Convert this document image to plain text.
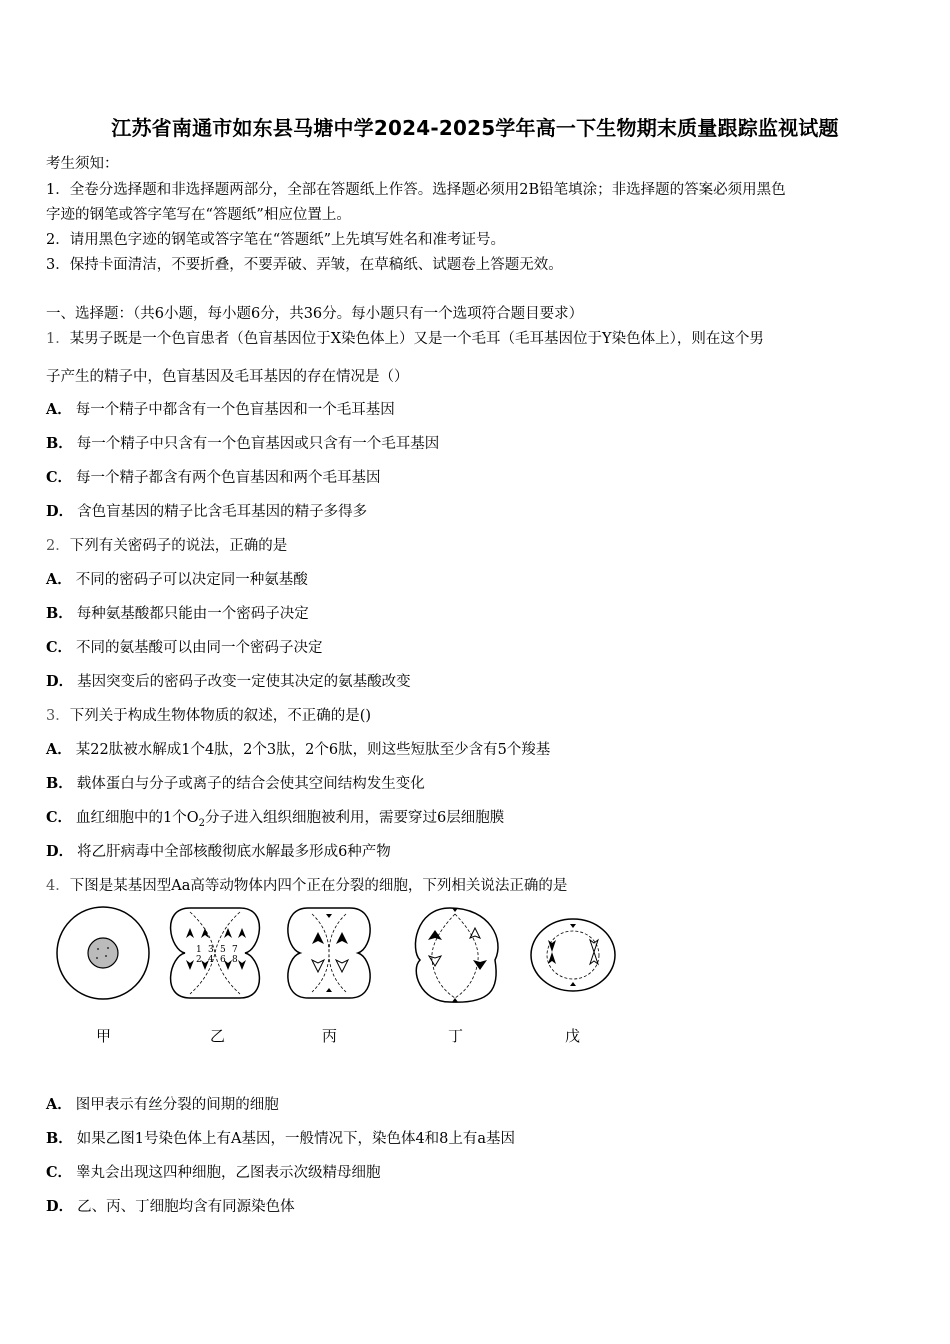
江苏省南通市如东县马塘中学2024-2025学年高一下生物期末质量跟踪监视试题
考生须知：
1．全卷分选择题和非选择题两部分，全部在答题纸上作答。选择题必须用2B铅笔填涂；非选择题的答案必须用黑色
字迹的钢笔或答字笔写在“答题纸”相应位置上。
2．请用黑色字迹的钢笔或答字笔在“答题纸”上先填写姓名和准考证号。
3．保持卡面清洁，不要折叠，不要弄破、弄皱，在草稿纸、试题卷上答题无效。
一、选择题：（共6小题，每小题6分，共36分。每小题只有一个选项符合题目要求）
1．某男子既是一个色盲患者（色盲基因位于X染色体上）又是一个毛耳（毛耳基因位于Y染色体上），则在这个男
子产生的精子中，色盲基因及毛耳基因的存在情况是（）
A． 每一个精子中都含有一个色盲基因和一个毛耳基因
B． 每一个精子中只含有一个色盲基因或只含有一个毛耳基因
C． 每一个精子都含有两个色盲基因和两个毛耳基因
D． 含色盲基因的精子比含毛耳基因的精子多得多
2．下列有关密码子的说法，正确的是
A． 不同的密码子可以决定同一种氨基酸
B． 每种氨基酸都只能由一个密码子决定
C． 不同的氨基酸可以由同一个密码子决定
D． 基因突变后的密码子改变一定使其决定的氨基酸改变
3．下列关于构成生物体物质的叙述，不正确的是()
A． 某22肽被水解成1个4肽，2个3肽，2个6肽，则这些短肽至少含有5个羧基
B． 载体蛋白与分子或离子的结合会使其空间结构发生变化
C． 血红细胞中的1个$O_2$分子进入组织细胞被利用，需要穿过6层细胞膜
D． 将乙肝病毒中全部核酸彻底水解最多形成6种产物
4．下图是某基因型Aa高等动物体内四个正在分裂的细胞，下列相关说法正确的是
1 3 5 7
2 4 6 8
甲	乙	丙	丁	戊
A． 图甲表示有丝分裂的间期的细胞
B． 如果乙图1号染色体上有A基因，一般情况下，染色体4和8上有a基因
C． 睾丸会出现这四种细胞，乙图表示次级精母细胞
D． 乙、丙、丁细胞均含有同源染色体
